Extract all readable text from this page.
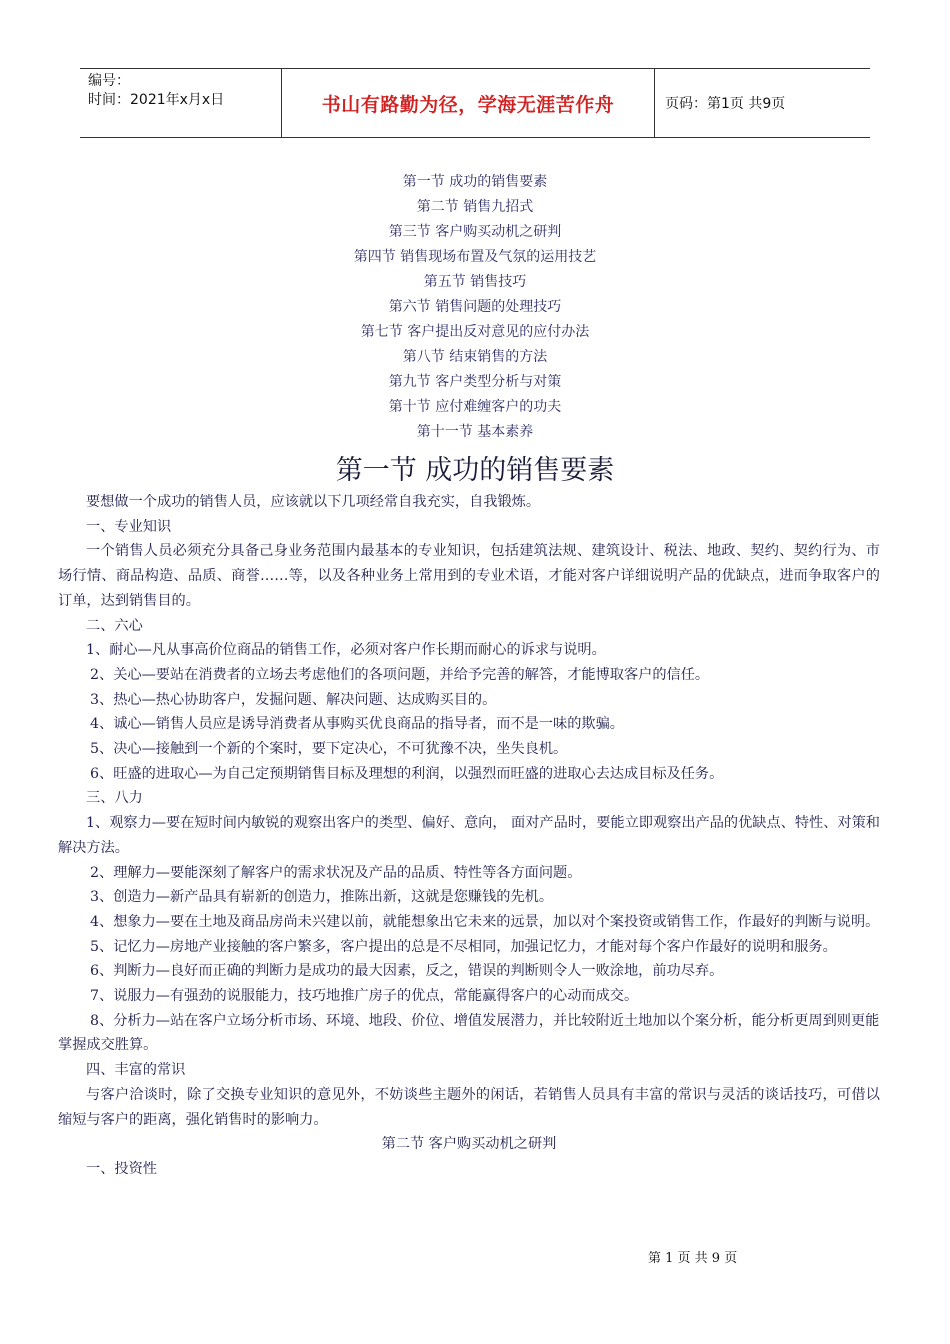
编号：
时间：2021年x月x日	书山有路勤为径，学海无涯苦作舟	页码：第1页 共9页
第一节 成功的销售要素
第二节 销售九招式
第三节 客户购买动机之研判
第四节 销售现场布置及气氛的运用技艺
第五节 销售技巧
第六节 销售问题的处理技巧
第七节 客户提出反对意见的应付办法
第八节 结束销售的方法
第九节 客户类型分析与对策
第十节 应付难缠客户的功夫
第十一节 基本素养
第一节 成功的销售要素

要想做一个成功的销售人员，应该就以下几项经常自我充实，自我锻炼。

一、专业知识

一个销售人员必须充分具备己身业务范围内最基本的专业知识，包括建筑法规、建筑设计、税法、地政、契约、契约行为、市场行情、商品构造、品质、商誉……等，以及各种业务上常用到的专业术语，才能对客户详细说明产品的优缺点，进而争取客户的订单，达到销售目的。

二、六心

1、耐心—凡从事高价位商品的销售工作，必须对客户作长期而耐心的诉求与说明。

2、关心—要站在消费者的立场去考虑他们的各项问题，并给予完善的解答，才能博取客户的信任。

3、热心—热心协助客户，发掘问题、解决问题、达成购买目的。

4、诚心—销售人员应是诱导消费者从事购买优良商品的指导者，而不是一味的欺骗。

5、决心—接触到一个新的个案时，要下定决心，不可犹豫不决，坐失良机。

6、旺盛的进取心—为自己定预期销售目标及理想的利润，以强烈而旺盛的进取心去达成目标及任务。

三、八力

1、观察力—要在短时间内敏锐的观察出客户的类型、偏好、意向， 面对产品时，要能立即观察出产品的优缺点、特性、对策和解决方法。

2、理解力—要能深刻了解客户的需求状况及产品的品质、特性等各方面问题。

3、创造力—新产品具有崭新的创造力，推陈出新，这就是您赚钱的先机。

4、想象力—要在土地及商品房尚未兴建以前，就能想象出它未来的远景，加以对个案投资或销售工作，作最好的判断与说明。

5、记忆力—房地产业接触的客户繁多，客户提出的总是不尽相同，加强记忆力，才能对每个客户作最好的说明和服务。

6、判断力—良好而正确的判断力是成功的最大因素，反之，错误的判断则令人一败涂地，前功尽弃。

7、说服力—有强劲的说服能力，技巧地推广房子的优点，常能赢得客户的心动而成交。

8、分析力—站在客户立场分析市场、环境、地段、价位、增值发展潜力，并比较附近土地加以个案分析，能分析更周到则更能掌握成交胜算。

四、丰富的常识

与客户洽谈时，除了交换专业知识的意见外，不妨谈些主题外的闲话，若销售人员具有丰富的常识与灵活的谈话技巧，可借以缩短与客户的距离，强化销售时的影响力。

第二节 客户购买动机之研判

一、投资性

第 1 页 共 9 页
